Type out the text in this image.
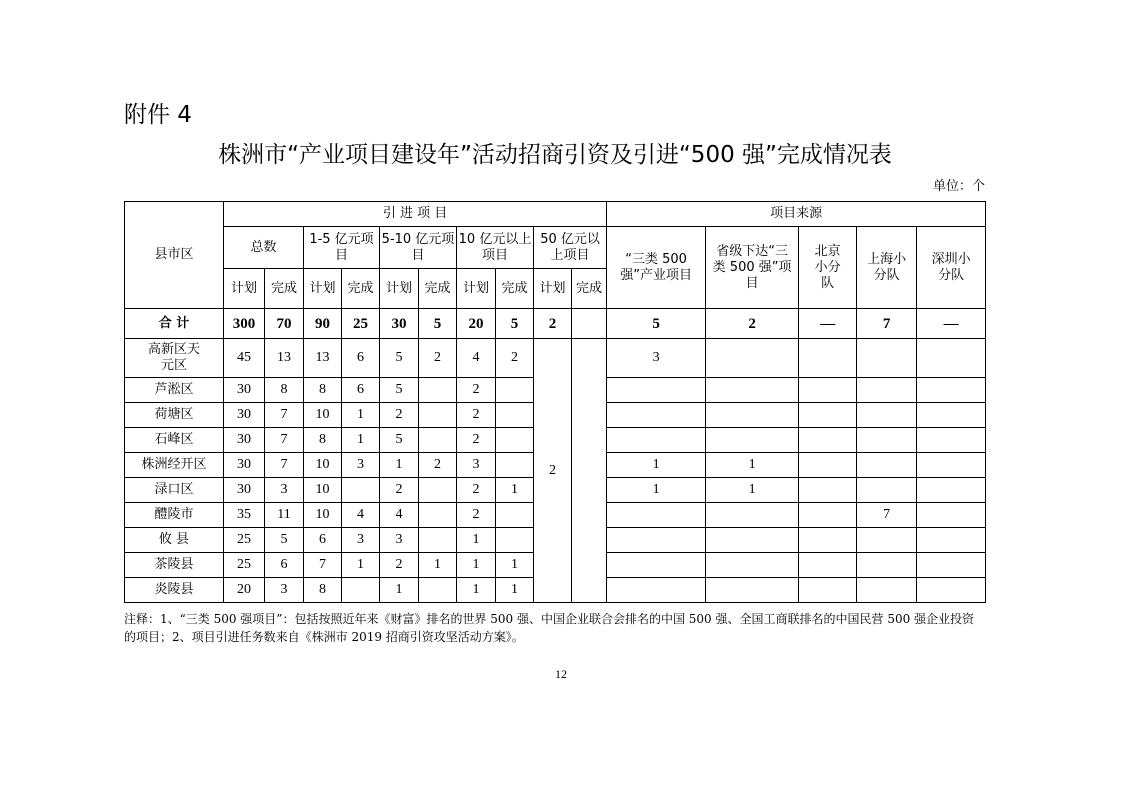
附件 4
株洲市“产业项目建设年”活动招商引资及引进“500 强”完成情况表
单位：个
县市区	引 进 项 目										项目来源				
	总数		1-5 亿元项目		5-10 亿元项目		10 亿元以上项目		50 亿元以上项目		“三类 500 强”产业项目	省级下达“三类 500 强”项目	北京小分队	上海小分队	深圳小分队
	计划	完成	计划	完成	计划	完成	计划	完成	计划	完成					
合 计	300	70	90	25	30	5	20	5	2		5	2	—	7	—
高新区天元区	45	13	13	6	5	2	4	2	2		3				
芦淞区	30	8	8	6	5		2								
荷塘区	30	7	10	1	2		2								
石峰区	30	7	8	1	5		2								
株洲经开区	30	7	10	3	1	2	3				1	1			
渌口区	30	3	10		2		2	1			1	1			
醴陵市	35	11	10	4	4		2							7	
攸 县	25	5	6	3	3		1								
茶陵县	25	6	7	1	2	1	1	1							
炎陵县	20	3	8		1		1	1							
注释：1、“三类 500 强项目”：包括按照近年来《财富》排名的世界 500 强、中国企业联合会排名的中国 500 强、全国工商联排名的中国民营 500 强企业投资的项目；2、项目引进任务数来自《株洲市 2019 招商引资攻坚活动方案》。
12
